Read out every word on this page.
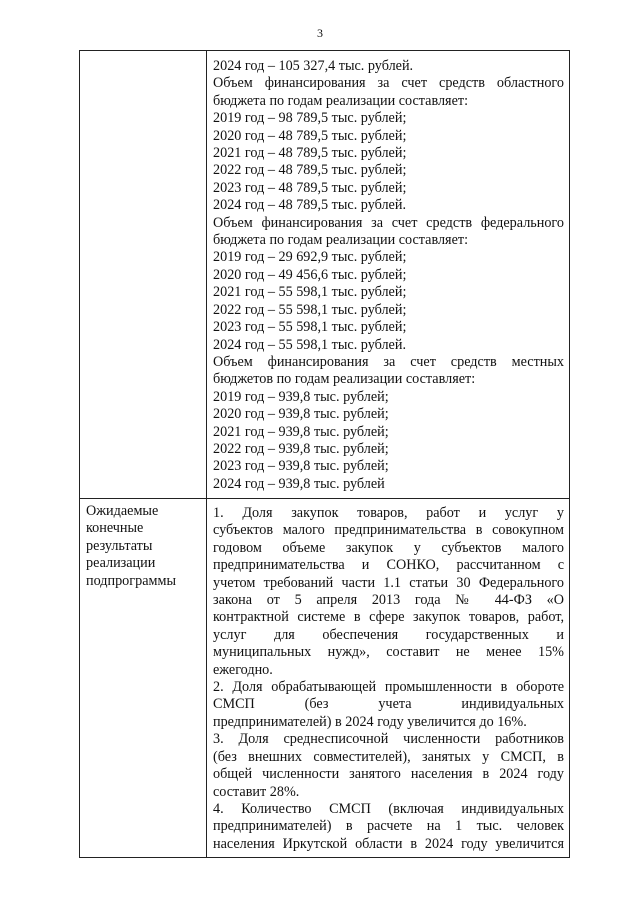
3
2024 год – 105 327,4 тыс. рублей.
Объем финансирования за счет средств областного
бюджета по годам реализации составляет:
2019 год – 98 789,5 тыс. рублей;
2020 год – 48 789,5 тыс. рублей;
2021 год – 48 789,5 тыс. рублей;
2022 год – 48 789,5 тыс. рублей;
2023 год – 48 789,5 тыс. рублей;
2024 год – 48 789,5 тыс. рублей.
Объем финансирования за счет средств федерального
бюджета по годам реализации составляет:
2019 год – 29 692,9 тыс. рублей;
2020 год – 49 456,6 тыс. рублей;
2021 год – 55 598,1 тыс. рублей;
2022 год – 55 598,1 тыс. рублей;
2023 год – 55 598,1 тыс. рублей;
2024 год – 55 598,1 тыс. рублей.
Объем финансирования за счет средств местных
бюджетов по годам реализации составляет:
2019 год – 939,8 тыс. рублей;
2020 год – 939,8 тыс. рублей;
2021 год – 939,8 тыс. рублей;
2022 год – 939,8 тыс. рублей;
2023 год – 939,8 тыс. рублей;
2024 год – 939,8 тыс. рублей
Ожидаемые
конечные
результаты
реализации
подпрограммы
1. Доля закупок товаров, работ и услуг у
субъектов малого предпринимательства в совокупном
годовом объеме закупок у субъектов малого
предпринимательства и СОНКО, рассчитанном с
учетом требований части 1.1 статьи 30 Федерального
закона от 5 апреля 2013 года № 44-ФЗ «О
контрактной системе в сфере закупок товаров, работ,
услуг для обеспечения государственных и
муниципальных нужд», составит не менее 15%
ежегодно.
2. Доля обрабатывающей промышленности в обороте
СМСП (без учета индивидуальных
предпринимателей) в 2024 году увеличится до 16%.
3. Доля среднесписочной численности работников
(без внешних совместителей), занятых у СМСП, в
общей численности занятого населения в 2024 году
составит 28%.
4. Количество СМСП (включая индивидуальных
предпринимателей) в расчете на 1 тыс. человек
населения Иркутской области в 2024 году увеличится
